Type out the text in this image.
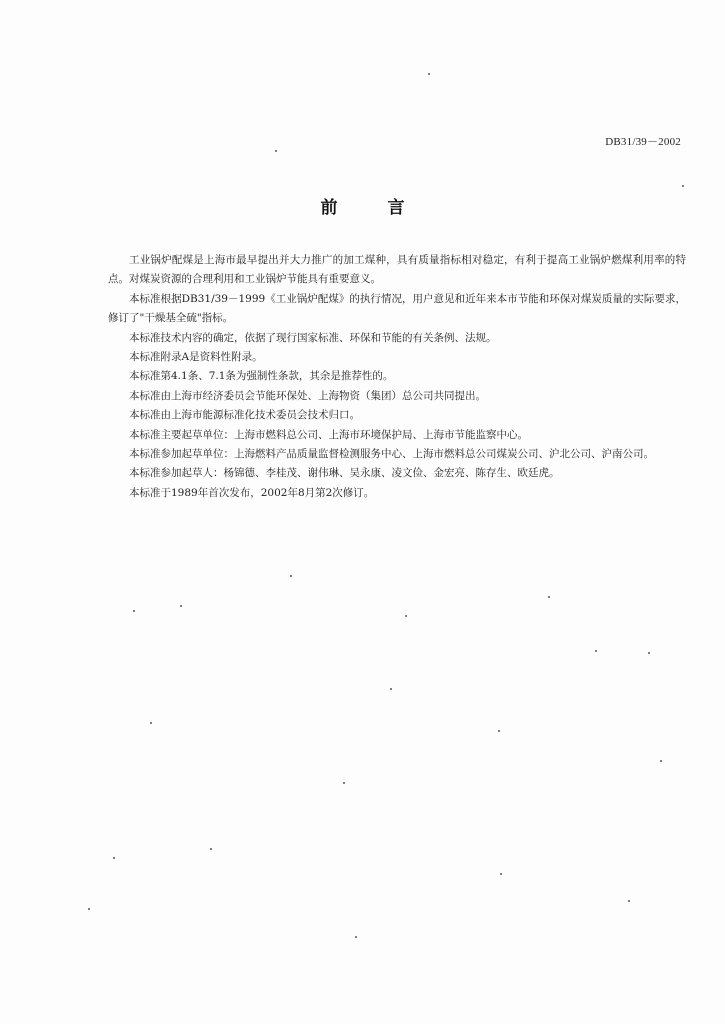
DB31/39－2002
前言

工业锅炉配煤是上海市最早提出并大力推广的加工煤种，具有质量指标相对稳定，有利于提高工业锅炉燃煤利用率的特点。对煤炭资源的合理利用和工业锅炉节能具有重要意义。

本标准根据DB31/39－1999《工业锅炉配煤》的执行情况，用户意见和近年来本市节能和环保对煤炭质量的实际要求，修订了"干燥基全硫"指标。

本标准技术内容的确定，依据了现行国家标准、环保和节能的有关条例、法规。

本标准附录A是资料性附录。

本标准第4.1条、7.1条为强制性条款，其余是推荐性的。

本标准由上海市经济委员会节能环保处、上海物资（集团）总公司共同提出。

本标准由上海市能源标准化技术委员会技术归口。

本标准主要起草单位：上海市燃料总公司、上海市环境保护局、上海市节能监察中心。

本标准参加起草单位：上海燃料产品质量监督检测服务中心、上海市燃料总公司煤炭公司、沪北公司、沪南公司。

本标准参加起草人：杨锦德、李桂茂、谢伟琳、吴永康、凌文俭、金宏亮、陈存生、欧廷虎。

本标准于1989年首次发布，2002年8月第2次修订。
